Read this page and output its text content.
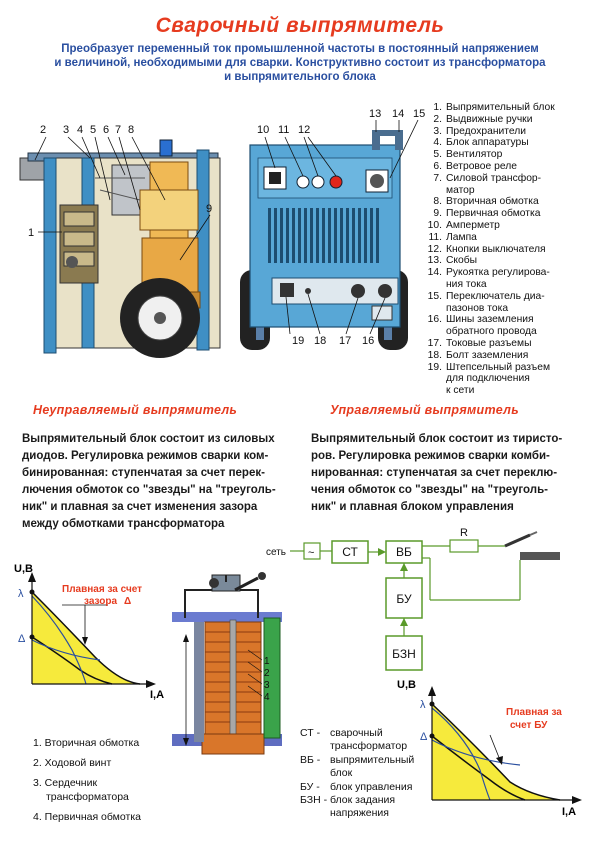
Сварочный выпрямитель
Преобразует переменный ток промышленной частоты в постоянный напряжением
и величиной, необходимыми для сварки. Конструктивно состоит из трансформатора
и выпрямительного блока
1
2 3 4 5 6 7 8
9
10 11 12
13 14 15
16
17
18
19
U,В
I,A
λ
Δ
Плавная за счет
зазора Δ
1
2
3
4
сеть ~ СТ	ВБ
R
БУ
БЗН
U,В
I,A
λ
Δ
Плавная за
счет БУ
1. Выпрямительный блок
2. Выдвижные ручки
3. Предохранители
4. Блок аппаратуры
5. Вентилятор
6. Ветровое реле
7. Силовой трансфор-
матор
8. Вторичная обмотка
9. Первичная обмотка
10. Амперметр
11. Лампа
12. Кнопки выключателя
13. Скобы
14. Рукоятка регулирова-
ния тока
15. Переключатель диа-
пазонов тока
16. Шины заземления
обратного провода
17. Токовые разъемы
18. Болт заземления
19. Штепсельный разъем
для подключения
к сети
Неуправляемый выпрямитель	Управляемый выпрямитель
Выпрямительный блок состоит из силовых
диодов. Регулировка режимов сварки ком-
бинированная: ступенчатая за счет перек-
лючения обмоток со "звезды" на "треуголь-
ник" и плавная за счет изменения зазора
между обмотками трансформатора
Выпрямительный блок состоит из тиристо-
ров. Регулировка режимов сварки комби-
нированная: ступенчатая за счет переклю-
чения обмоток со "звезды" на "треуголь-
ник" и плавная блоком управления
1. Вторичная обмотка
2. Ходовой винт
3. Сердечник
трансформатора
4. Первичная обмотка
СТ - сварочный
трансформатор
ВБ - выпрямительный
блок
БУ - блок управления
БЗН - блок задания
напряжения
